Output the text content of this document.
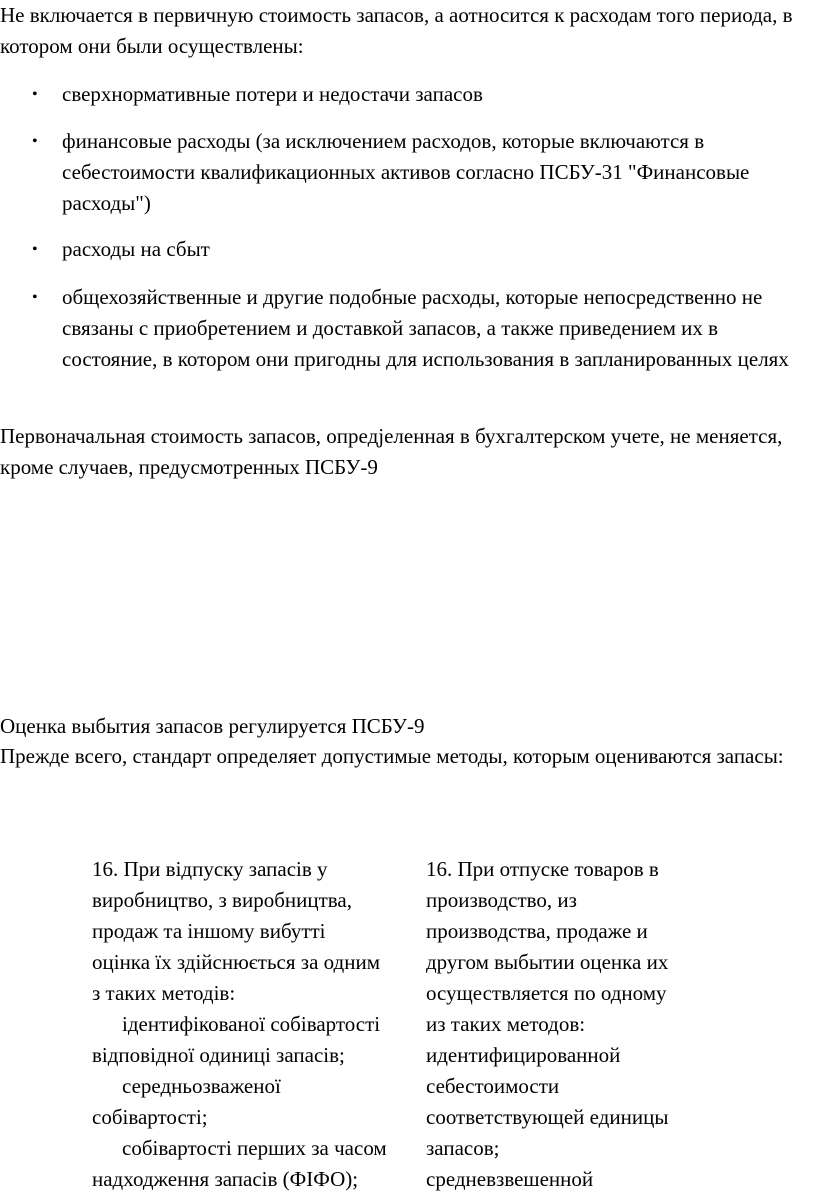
Не включается в первичную стоимость запасов, а аотносится к расходам того периода, в котором они были осуществлены:

• сверхнормативные потери и недостачи запасов
• финансовые расходы (за исключением расходов, которые включаются в себестоимости квалификационных активов согласно ПСБУ-31 "Финансовые расходы")
• расходы на сбыт
• общехозяйственные и другие подобные расходы, которые непосредственно не связаны с приобретением и доставкой запасов, а также приведением их в состояние, в котором они пригодны для использования в запланированных целях

Первоначальная стоимость запасов, опредjеленная в бухгалтерском учете, не меняется, кроме случаев, предусмотренных ПСБУ-9

Оценка выбытия запасов регулируется ПСБУ-9

Прежде всего, стандарт определяет допустимые методы, которым оцениваются запасы:

16. При відпуску запасів у
виробництво, з виробництва,
продаж та іншому вибутті
оцінка їх здійснюється за одним
з таких методів:
ідентифікованої собівартості
відповідної одиниці запасів;
середньозваженої
собівартості;
собівартості перших за часом
надходження запасів (ФІФО);
16. При отпуске товаров в
производство, из
производства, продаже и
другом выбытии оценка их
осуществляется по одному
из таких методов:
идентифицированной
себестоимости
соответствующей единицы
запасов;
средневзвешенной
